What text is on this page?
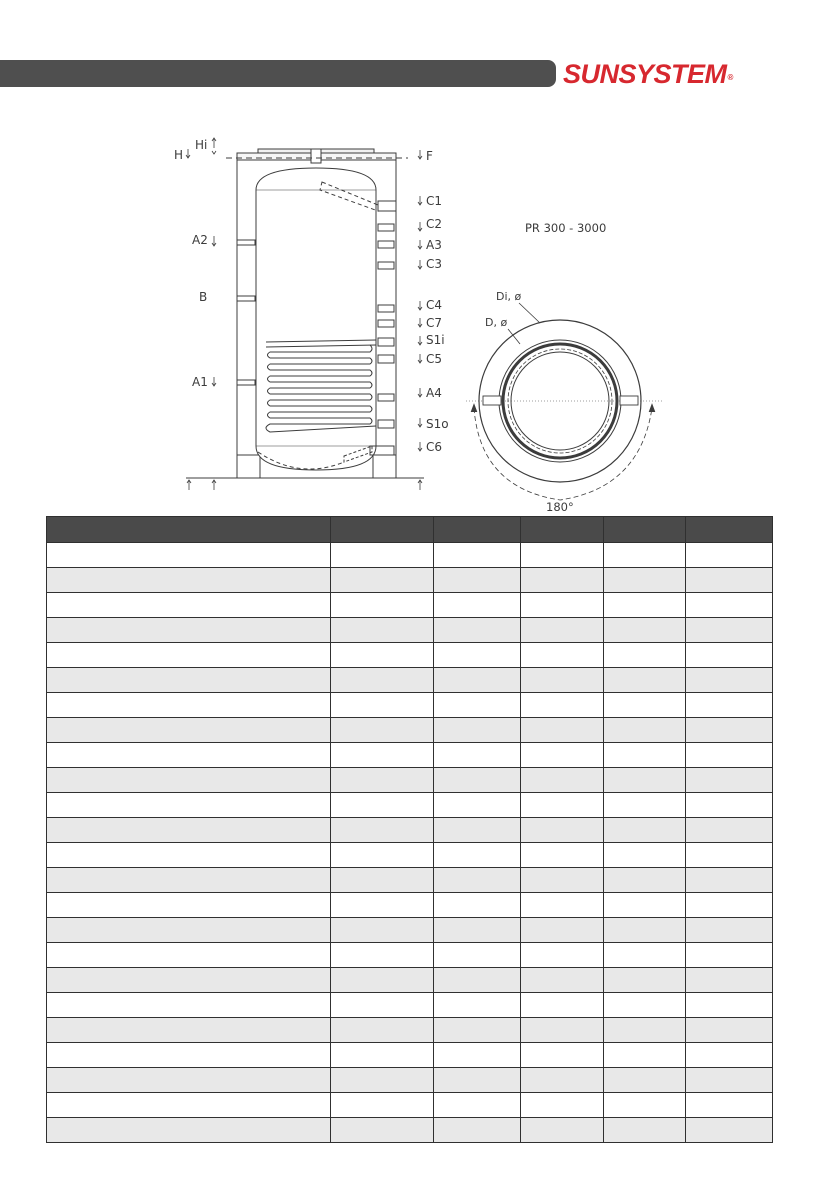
SUNSYSTEM®
Hi
H
A2
B
A1
F
C1
C2
A3
C3
C4
C7
S1i
C5
A4
S1o
C6
PR 300 - 3000
Di, ø
D, ø
180°
